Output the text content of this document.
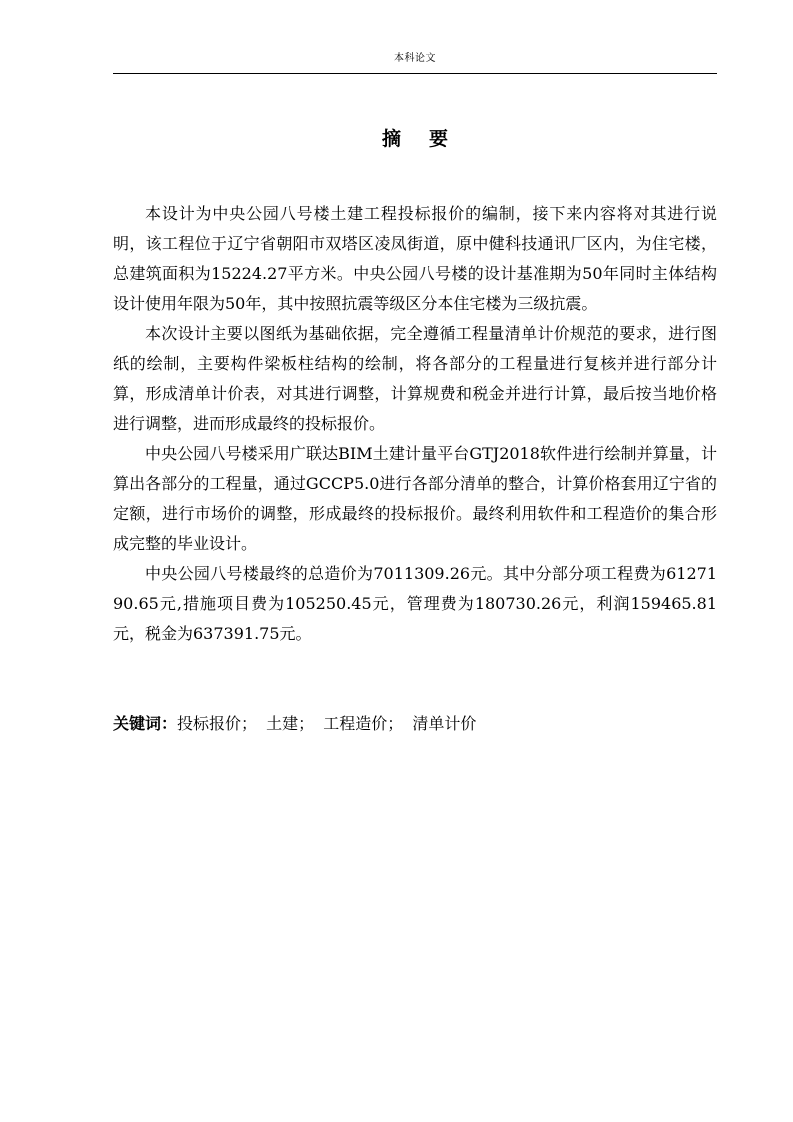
本科论文
摘要

本设计为中央公园八号楼土建工程投标报价的编制，接下来内容将对其进行说明，该工程位于辽宁省朝阳市双塔区凌凤街道，原中健科技通讯厂区内，为住宅楼，总建筑面积为15224.27平方米。中央公园八号楼的设计基准期为50年同时主体结构设计使用年限为50年，其中按照抗震等级区分本住宅楼为三级抗震。

本次设计主要以图纸为基础依据，完全遵循工程量清单计价规范的要求，进行图纸的绘制，主要构件梁板柱结构的绘制，将各部分的工程量进行复核并进行部分计算，形成清单计价表，对其进行调整，计算规费和税金并进行计算，最后按当地价格进行调整，进而形成最终的投标报价。

中央公园八号楼采用广联达BIM土建计量平台GTJ2018软件进行绘制并算量，计算出各部分的工程量，通过GCCP5.0进行各部分清单的整合，计算价格套用辽宁省的定额，进行市场价的调整，形成最终的投标报价。最终利用软件和工程造价的集合形成完整的毕业设计。

中央公园八号楼最终的总造价为7011309.26元。其中分部分项工程费为6127190.65元,措施项目费为105250.45元，管理费为180730.26元，利润159465.81元，税金为637391.75元。

关键词：投标报价； 土建； 工程造价； 清单计价
